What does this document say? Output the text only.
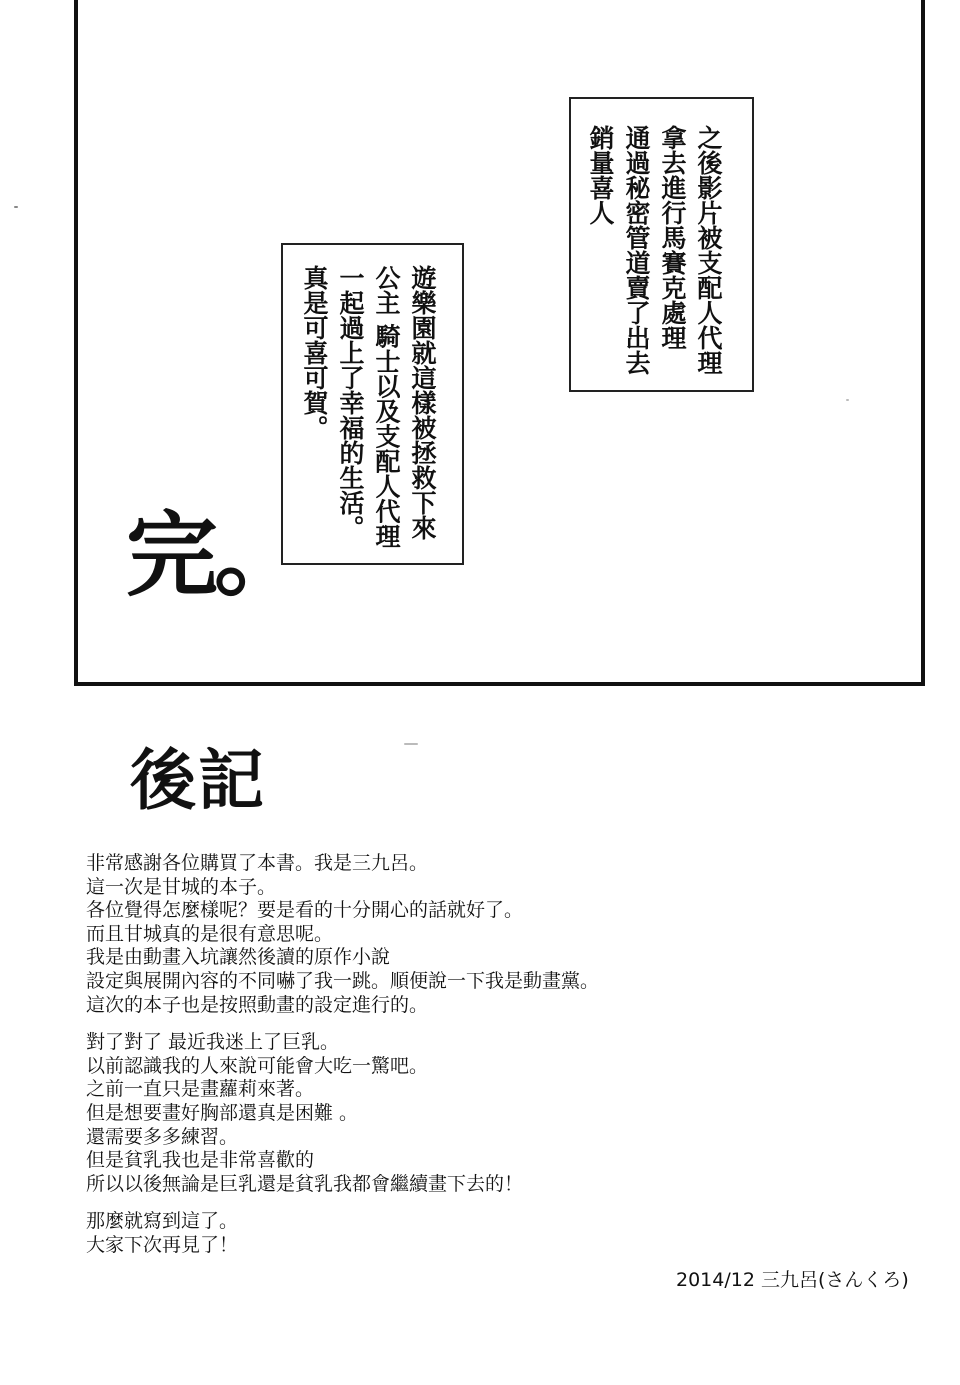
之後影片被支配人代理
拿去進行馬賽克處理
通過秘密管道賣了出去
銷量喜人
遊樂園就這樣被拯救下來
公主 騎士以及支配人代理
一起過上了幸福的生活。
真是可喜可賀。
完。
後記
非常感謝各位購買了本書。我是三九呂。
這一次是甘城的本子。
各位覺得怎麼樣呢？要是看的十分開心的話就好了。
而且甘城真的是很有意思呢。
我是由動畫入坑讓然後讀的原作小說
設定與展開內容的不同嚇了我一跳。順便說一下我是動畫黨。
這次的本子也是按照動畫的設定進行的。
對了對了 最近我迷上了巨乳。
以前認識我的人來說可能會大吃一驚吧。
之前一直只是畫蘿莉來著。
但是想要畫好胸部還真是困難 。
還需要多多練習。
但是貧乳我也是非常喜歡的
所以以後無論是巨乳還是貧乳我都會繼續畫下去的！
那麼就寫到這了。
大家下次再見了！
2014/12 三九呂(さんくろ)
